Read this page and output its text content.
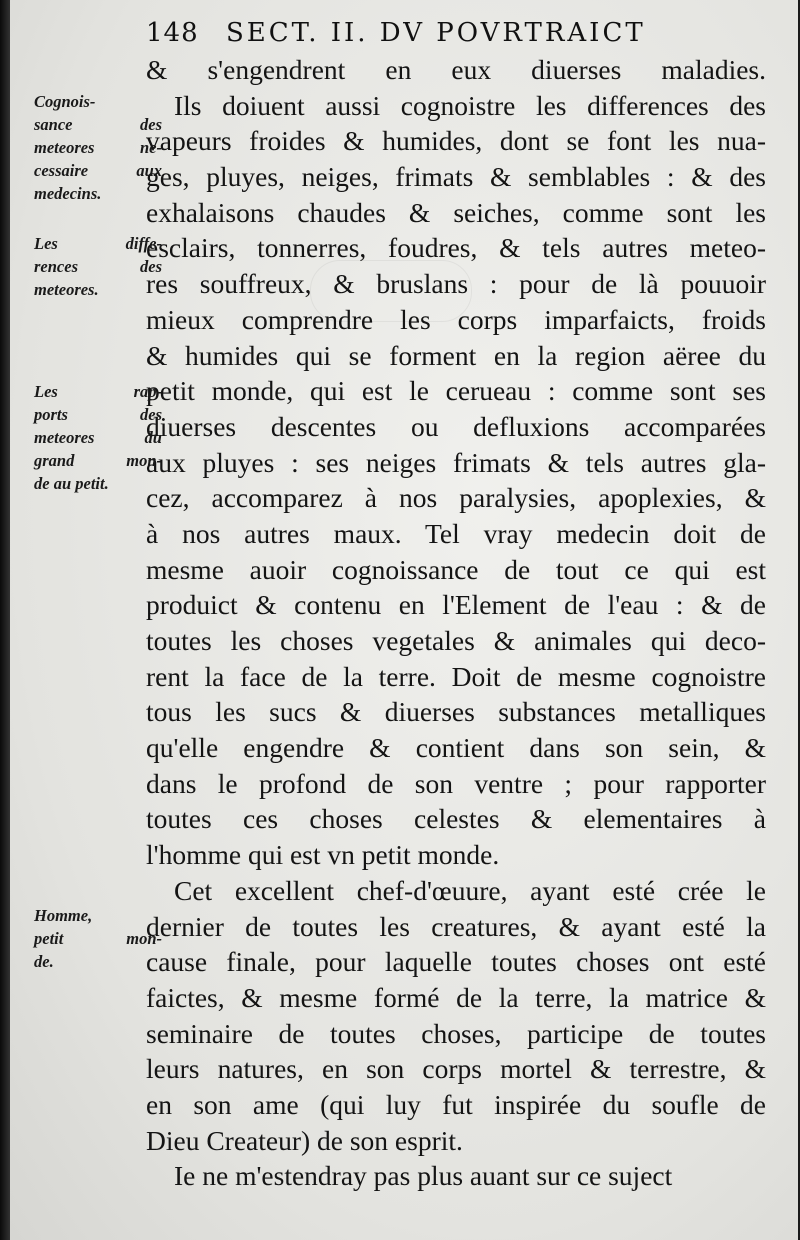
148 SECT. II. DV POVRTRAICT
& s'engendrent en eux diuerses maladies.
Ils doiuent aussi cognoistre les differences des
vapeurs froides & humides, dont se font les nua-
ges, pluyes, neiges, frimats & semblables : & des
exhalaisons chaudes & seiches, comme sont les
esclairs, tonnerres, foudres, & tels autres meteo-
res souffreux, & bruslans : pour de là pouuoir
mieux comprendre les corps imparfaicts, froids
& humides qui se forment en la region aëree du
petit monde, qui est le cerueau : comme sont ses
diuerses descentes ou defluxions accomparées
aux pluyes : ses neiges frimats & tels autres gla-
cez, accomparez à nos paralysies, apoplexies, &
à nos autres maux. Tel vray medecin doit de
mesme auoir cognoissance de tout ce qui est
produict & contenu en l'Element de l'eau : & de
toutes les choses vegetales & animales qui deco-
rent la face de la terre. Doit de mesme cognoistre
tous les sucs & diuerses substances metalliques
qu'elle engendre & contient dans son sein, &
dans le profond de son ventre ; pour rapporter
toutes ces choses celestes & elementaires à
l'homme qui est vn petit monde.
Cet excellent chef-d'œuure, ayant esté crée le
dernier de toutes les creatures, & ayant esté la
cause finale, pour laquelle toutes choses ont esté
faictes, & mesme formé de la terre, la matrice &
seminaire de toutes choses, participe de toutes
leurs natures, en son corps mortel & terrestre, &
en son ame (qui luy fut inspirée du soufle de
Dieu Createur) de son esprit.
Ie ne m'estendray pas plus auant sur ce suject
Cognois-
sance des
meteores ne-
cessaire aux
medecins.
Les diffe-
rences des
meteores.
Les rap-
ports des
meteores du
grand mon-
de au petit.
Homme,
petit mon-
de.
